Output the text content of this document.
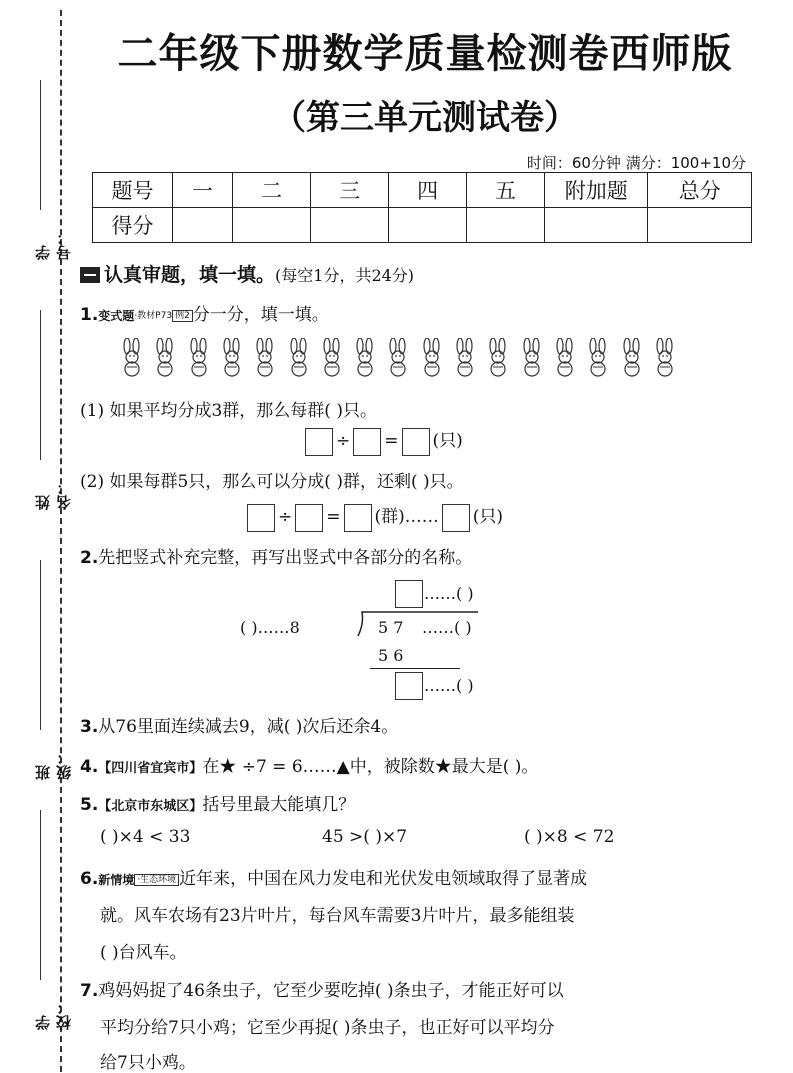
学号：
姓名：
班级：
学校：
二年级下册数学质量检测卷西师版
（第三单元测试卷）
时间：60分钟 满分：100+10分
题号	一	二	三	四	五	附加题	总分
得分							
认真审题，填一填。(每空1分，共24分)
1.变式题·教材P73 例2 分一分，填一填。
(1) 如果平均分成3群，那么每群( )只。
÷ = (只)
(2) 如果每群5只，那么可以分成( )群，还剩( )只。
÷ = (群)…… (只)
2.先把竖式补充完整，再写出竖式中各部分的名称。
……( )
( )……8	5 7 ……( )
5 6
……( )
3.从76里面连续减去9，减( )次后还余4。
4.【四川省宜宾市】在★ ÷7 = 6……▲中，被除数★最大是( )。
5.【北京市东城区】括号里最大能填几？
( )×4 < 33	45 >( )×7	( )×8 < 72
6.新情境 ·生态环境 近年来，中国在风力发电和光伏发电领域取得了显著成
就。风车农场有23片叶片，每台风车需要3片叶片，最多能组装
( )台风车。
7.鸡妈妈捉了46条虫子，它至少要吃掉( )条虫子，才能正好可以
平均分给7只小鸡；它至少再捉( )条虫子，也正好可以平均分
给7只小鸡。
